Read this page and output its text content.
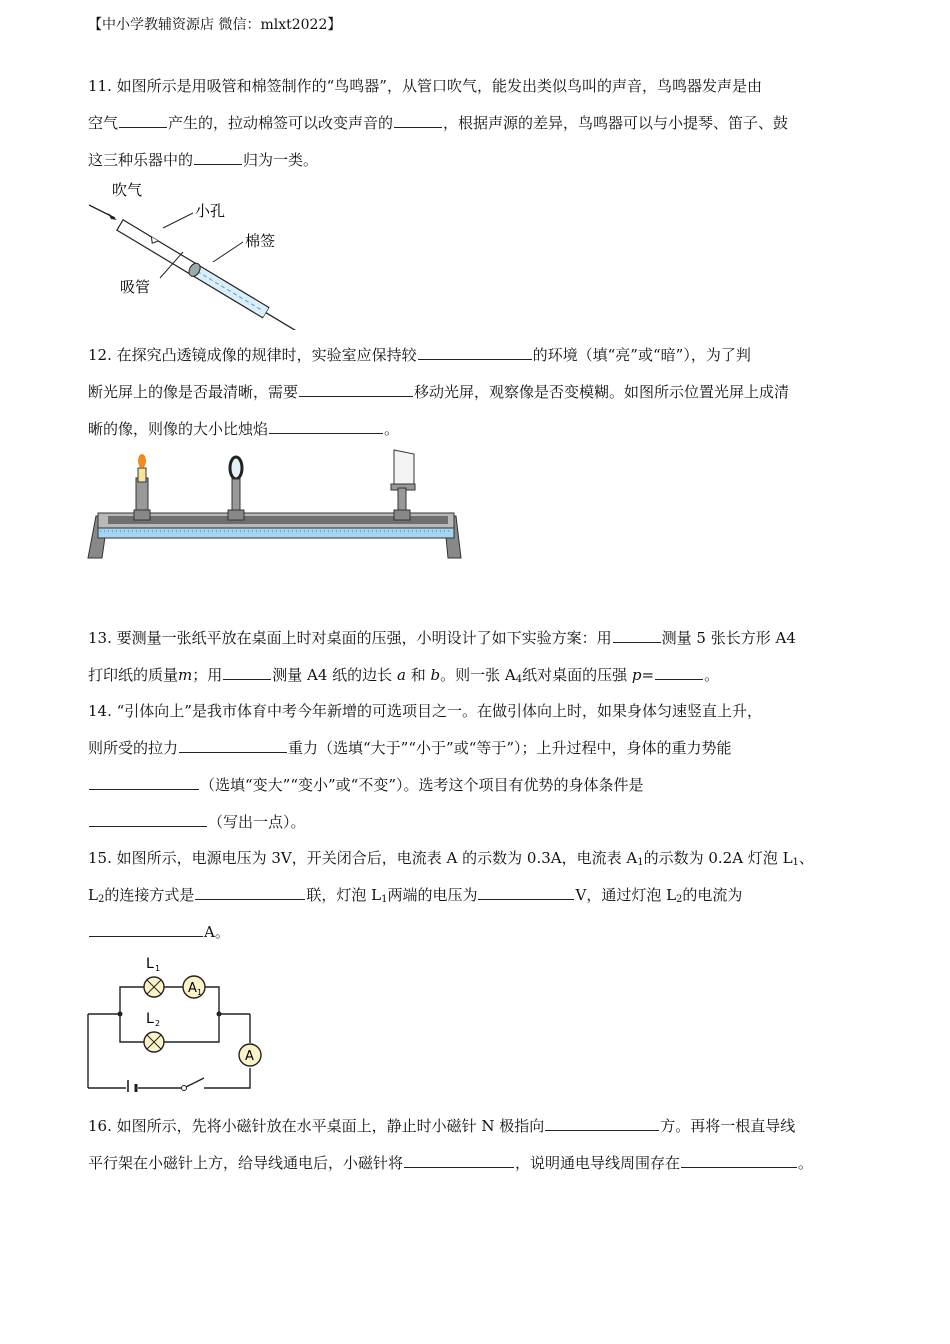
【中小学教辅资源店 微信：mlxt2022】
11. 如图所示是用吸管和棉签制作的“鸟鸣器”，从管口吹气，能发出类似鸟叫的声音，鸟鸣器发声是由
空气	产生的，拉动棉签可以改变声音的	，根据声源的差异，鸟鸣器可以与小提琴、笛子、鼓
这三种乐器中的	归为一类。
吹气
小孔
棉签
吸管
12. 在探究凸透镜成像的规律时，实验室应保持较	的环境（填“亮”或“暗”），为了判
断光屏上的像是否最清晰，需要	移动光屏，观察像是否变模糊。如图所示位置光屏上成清
晰的像，则像的大小比烛焰	。
13. 要测量一张纸平放在桌面上时对桌面的压强，小明设计了如下实验方案：用	测量 5 张长方形 A4
打印纸的质量m；用	测量 A4 纸的边长 a 和 b。则一张 $A_4$纸对桌面的压强 p=	。
14. “引体向上”是我市体育中考今年新增的可选项目之一。在做引体向上时，如果身体匀速竖直上升，
则所受的拉力	重力（选填“大于”“小于”或“等于”）；上升过程中，身体的重力势能
（选填“变大”“变小”或“不变”）。选考这个项目有优势的身体条件是
（写出一点）。
15. 如图所示，电源电压为 3V，开关闭合后，电流表 A 的示数为 0.3A，电流表 $A_1$的示数为 0.2A 灯泡 $L_1$、
$L_2$的连接方式是	联，灯泡 $L_1$两端的电压为	V，通过灯泡 $L_2$的电流为
A。
A 1
A
L 1
L 2
16. 如图所示，先将小磁针放在水平桌面上，静止时小磁针 N 极指向	方。再将一根直导线
平行架在小磁针上方，给导线通电后，小磁针将	，说明通电导线周围存在	。
